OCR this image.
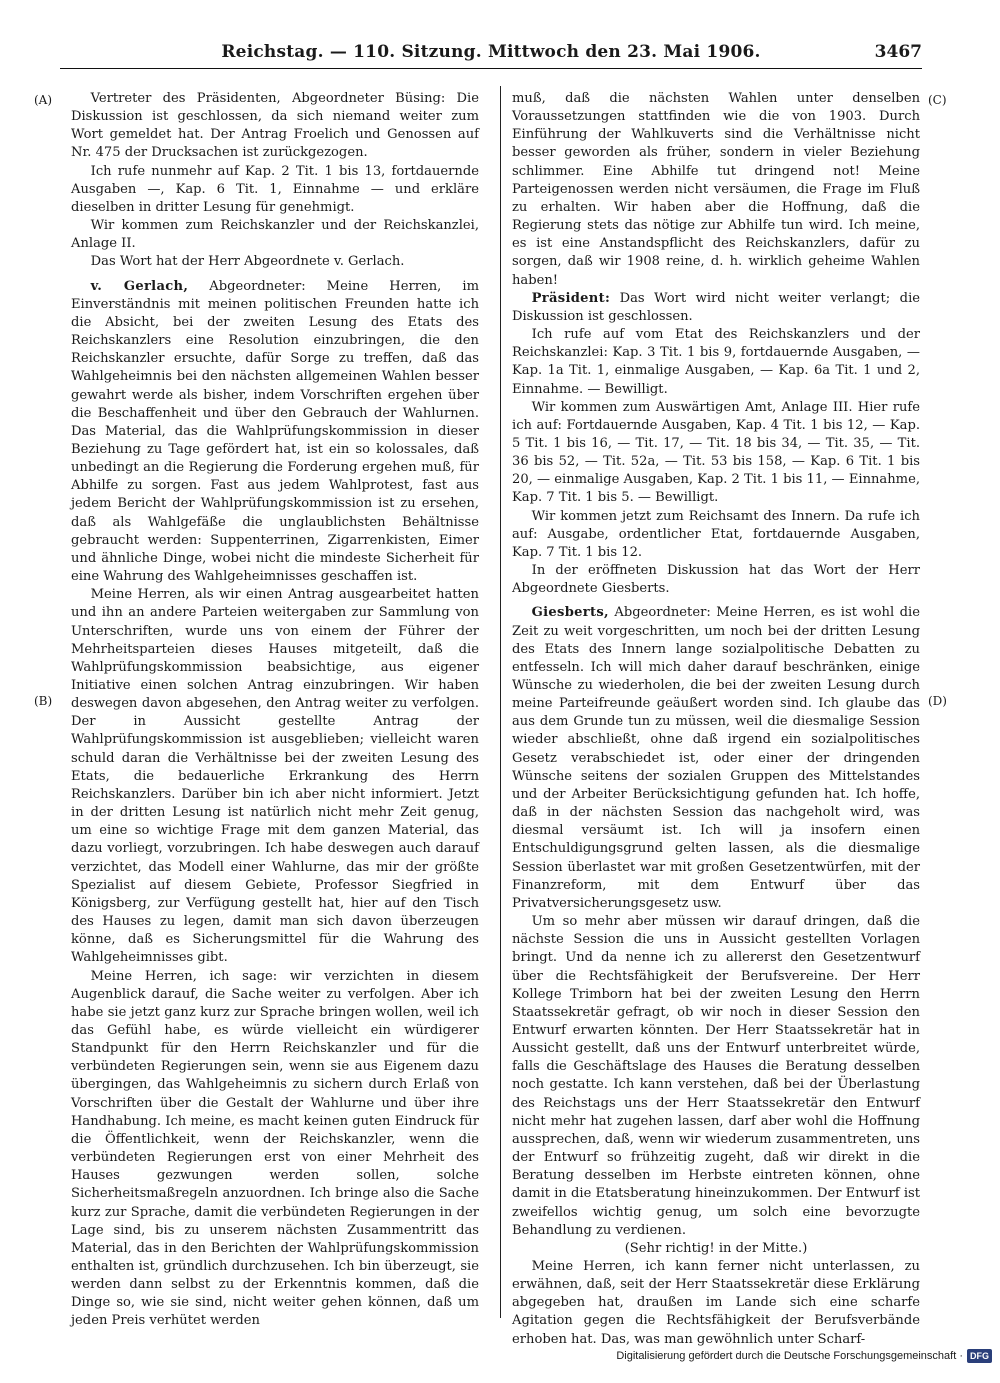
Reichstag. — 110. Sitzung. Mittwoch den 23. Mai 1906.	3467
(A)
(B)
(C)
(D)

Vertreter des Präsidenten, Abgeordneter Büsing: Die Diskussion ist geschlossen, da sich niemand weiter zum Wort gemeldet hat. Der Antrag Froelich und Genossen auf Nr. 475 der Drucksachen ist zurückgezogen.

Ich rufe nunmehr auf Kap. 2 Tit. 1 bis 13, fortdauernde Ausgaben —, Kap. 6 Tit. 1, Einnahme — und erkläre dieselben in dritter Lesung für genehmigt.

Wir kommen zum Reichskanzler und der Reichskanzlei, Anlage II.

Das Wort hat der Herr Abgeordnete v. Gerlach.

v. Gerlach, Abgeordneter: Meine Herren, im Einverständnis mit meinen politischen Freunden hatte ich die Absicht, bei der zweiten Lesung des Etats des Reichskanzlers eine Resolution einzubringen, die den Reichskanzler ersuchte, dafür Sorge zu treffen, daß das Wahlgeheimnis bei den nächsten allgemeinen Wahlen besser gewahrt werde als bisher, indem Vorschriften ergehen über die Beschaffenheit und über den Gebrauch der Wahlurnen. Das Material, das die Wahlprüfungskommission in dieser Beziehung zu Tage gefördert hat, ist ein so kolossales, daß unbedingt an die Regierung die Forderung ergehen muß, für Abhilfe zu sorgen. Fast aus jedem Wahlprotest, fast aus jedem Bericht der Wahlprüfungskommission ist zu ersehen, daß als Wahlgefäße die unglaublichsten Behältnisse gebraucht werden: Suppenterrinen, Zigarrenkisten, Eimer und ähnliche Dinge, wobei nicht die mindeste Sicherheit für eine Wahrung des Wahlgeheimnisses geschaffen ist.

Meine Herren, als wir einen Antrag ausgearbeitet hatten und ihn an andere Parteien weitergaben zur Sammlung von Unterschriften, wurde uns von einem der Führer der Mehrheitsparteien dieses Hauses mitgeteilt, daß die Wahlprüfungskommission beabsichtige, aus eigener Initiative einen solchen Antrag einzubringen. Wir haben deswegen davon abgesehen, den Antrag weiter zu verfolgen. Der in Aussicht gestellte Antrag der Wahlprüfungskommission ist ausgeblieben; vielleicht waren schuld daran die Verhältnisse bei der zweiten Lesung des Etats, die bedauerliche Erkrankung des Herrn Reichskanzlers. Darüber bin ich aber nicht informiert. Jetzt in der dritten Lesung ist natürlich nicht mehr Zeit genug, um eine so wichtige Frage mit dem ganzen Material, das dazu vorliegt, vorzubringen. Ich habe deswegen auch darauf verzichtet, das Modell einer Wahlurne, das mir der größte Spezialist auf diesem Gebiete, Professor Siegfried in Königsberg, zur Verfügung gestellt hat, hier auf den Tisch des Hauses zu legen, damit man sich davon überzeugen könne, daß es Sicherungsmittel für die Wahrung des Wahlgeheimnisses gibt.

Meine Herren, ich sage: wir verzichten in diesem Augenblick darauf, die Sache weiter zu verfolgen. Aber ich habe sie jetzt ganz kurz zur Sprache bringen wollen, weil ich das Gefühl habe, es würde vielleicht ein würdigerer Standpunkt für den Herrn Reichskanzler und für die verbündeten Regierungen sein, wenn sie aus Eigenem dazu übergingen, das Wahlgeheimnis zu sichern durch Erlaß von Vorschriften über die Gestalt der Wahlurne und über ihre Handhabung. Ich meine, es macht keinen guten Eindruck für die Öffentlichkeit, wenn der Reichskanzler, wenn die verbündeten Regierungen erst von einer Mehrheit des Hauses gezwungen werden sollen, solche Sicherheitsmaßregeln anzuordnen. Ich bringe also die Sache kurz zur Sprache, damit die verbündeten Regierungen in der Lage sind, bis zu unserem nächsten Zusammentritt das Material, das in den Berichten der Wahlprüfungskommission enthalten ist, gründlich durchzusehen. Ich bin überzeugt, sie werden dann selbst zu der Erkenntnis kommen, daß die Dinge so, wie sie sind, nicht weiter gehen können, daß um jeden Preis verhütet werden

muß, daß die nächsten Wahlen unter denselben Voraussetzungen stattfinden wie die von 1903. Durch Einführung der Wahlkuverts sind die Verhältnisse nicht besser geworden als früher, sondern in vieler Beziehung schlimmer. Eine Abhilfe tut dringend not! Meine Parteigenossen werden nicht versäumen, die Frage im Fluß zu erhalten. Wir haben aber die Hoffnung, daß die Regierung stets das nötige zur Abhilfe tun wird. Ich meine, es ist eine Anstandspflicht des Reichskanzlers, dafür zu sorgen, daß wir 1908 reine, d. h. wirklich geheime Wahlen haben!

Präsident: Das Wort wird nicht weiter verlangt; die Diskussion ist geschlossen.

Ich rufe auf vom Etat des Reichskanzlers und der Reichskanzlei: Kap. 3 Tit. 1 bis 9, fortdauernde Ausgaben, — Kap. 1a Tit. 1, einmalige Ausgaben, — Kap. 6a Tit. 1 und 2, Einnahme. — Bewilligt.

Wir kommen zum Auswärtigen Amt, Anlage III. Hier rufe ich auf: Fortdauernde Ausgaben, Kap. 4 Tit. 1 bis 12, — Kap. 5 Tit. 1 bis 16, — Tit. 17, — Tit. 18 bis 34, — Tit. 35, — Tit. 36 bis 52, — Tit. 52a, — Tit. 53 bis 158, — Kap. 6 Tit. 1 bis 20, — einmalige Ausgaben, Kap. 2 Tit. 1 bis 11, — Einnahme, Kap. 7 Tit. 1 bis 5. — Bewilligt.

Wir kommen jetzt zum Reichsamt des Innern. Da rufe ich auf: Ausgabe, ordentlicher Etat, fortdauernde Ausgaben, Kap. 7 Tit. 1 bis 12.

In der eröffneten Diskussion hat das Wort der Herr Abgeordnete Giesberts.

Giesberts, Abgeordneter: Meine Herren, es ist wohl die Zeit zu weit vorgeschritten, um noch bei der dritten Lesung des Etats des Innern lange sozialpolitische Debatten zu entfesseln. Ich will mich daher darauf beschränken, einige Wünsche zu wiederholen, die bei der zweiten Lesung durch meine Parteifreunde geäußert worden sind. Ich glaube das aus dem Grunde tun zu müssen, weil die diesmalige Session wieder abschließt, ohne daß irgend ein sozialpolitisches Gesetz verabschiedet ist, oder einer der dringenden Wünsche seitens der sozialen Gruppen des Mittelstandes und der Arbeiter Berücksichtigung gefunden hat. Ich hoffe, daß in der nächsten Session das nachgeholt wird, was diesmal versäumt ist. Ich will ja insofern einen Entschuldigungsgrund gelten lassen, als die diesmalige Session überlastet war mit großen Gesetzentwürfen, mit der Finanzreform, mit dem Entwurf über das Privatversicherungsgesetz usw.

Um so mehr aber müssen wir darauf dringen, daß die nächste Session die uns in Aussicht gestellten Vorlagen bringt. Und da nenne ich zu allererst den Gesetzentwurf über die Rechtsfähigkeit der Berufsvereine. Der Herr Kollege Trimborn hat bei der zweiten Lesung den Herrn Staatssekretär gefragt, ob wir noch in dieser Session den Entwurf erwarten könnten. Der Herr Staatssekretär hat in Aussicht gestellt, daß uns der Entwurf unterbreitet würde, falls die Geschäftslage des Hauses die Beratung desselben noch gestatte. Ich kann verstehen, daß bei der Überlastung des Reichstags uns der Herr Staatssekretär den Entwurf nicht mehr hat zugehen lassen, darf aber wohl die Hoffnung aussprechen, daß, wenn wir wiederum zusammentreten, uns der Entwurf so frühzeitig zugeht, daß wir direkt in die Beratung desselben im Herbste eintreten können, ohne damit in die Etatsberatung hineinzukommen. Der Entwurf ist zweifellos wichtig genug, um solch eine bevorzugte Behandlung zu verdienen.

(Sehr richtig! in der Mitte.)

Meine Herren, ich kann ferner nicht unterlassen, zu erwähnen, daß, seit der Herr Staatssekretär diese Erklärung abgegeben hat, draußen im Lande sich eine scharfe Agitation gegen die Rechtsfähigkeit der Berufsverbände erhoben hat. Das, was man gewöhnlich unter Scharf-

Digitalisierung gefördert durch die Deutsche Forschungsgemeinschaft · DFG
